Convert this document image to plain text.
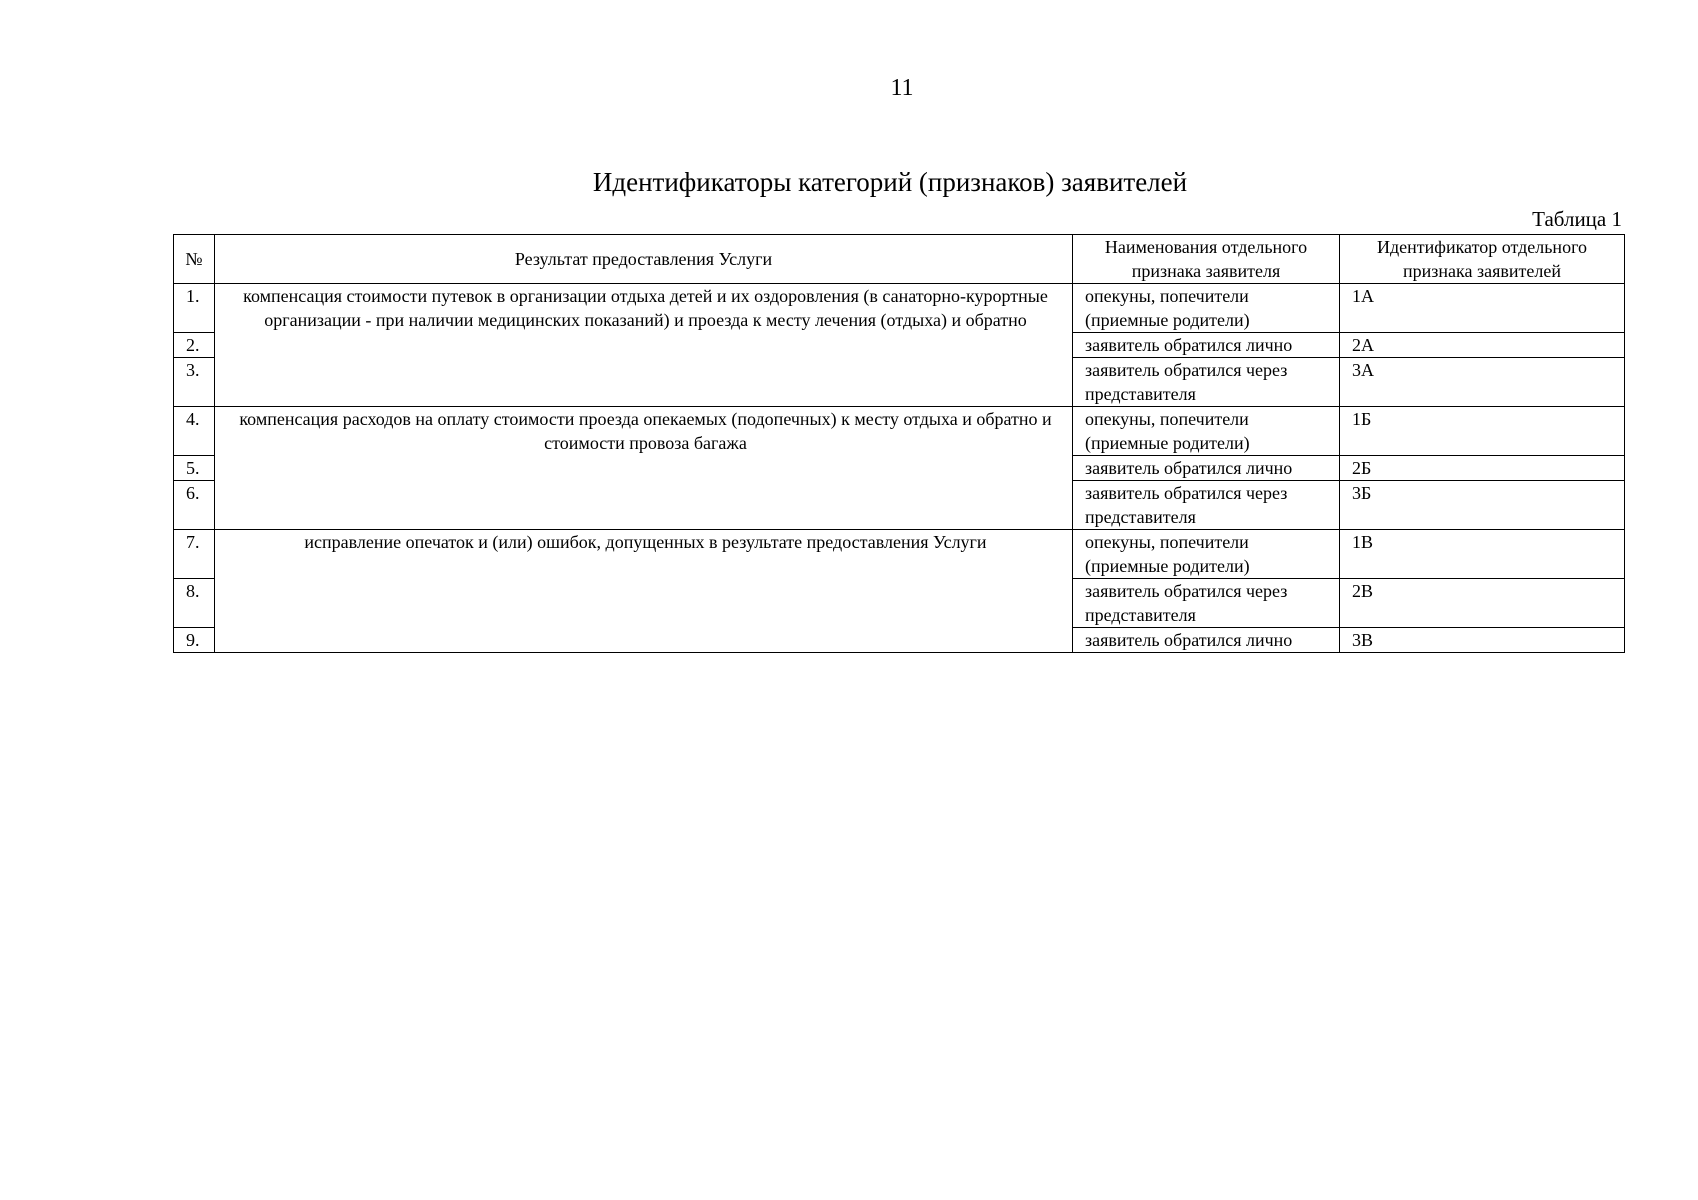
11
Идентификаторы категорий (признаков) заявителей
Таблица 1
№	Результат предоставления Услуги	Наименования отдельного признака заявителя	Идентификатор отдельного признака заявителей
1.	компенсация стоимости путевок в организации отдыха детей и их оздоровления (в санаторно-курортные организации - при наличии медицинских показаний) и проезда к месту лечения (отдыха) и обратно	опекуны, попечители (приемные родители)	1А
2.		заявитель обратился лично	2А
3.		заявитель обратился через представителя	3А
4.	компенсация расходов на оплату стоимости проезда опекаемых (подопечных) к месту отдыха и обратно и стоимости провоза багажа	опекуны, попечители (приемные родители)	1Б
5.		заявитель обратился лично	2Б
6.		заявитель обратился через представителя	3Б
7.	исправление опечаток и (или) ошибок, допущенных в результате предоставления Услуги	опекуны, попечители (приемные родители)	1В
8.		заявитель обратился через представителя	2В
9.		заявитель обратился лично	3В
